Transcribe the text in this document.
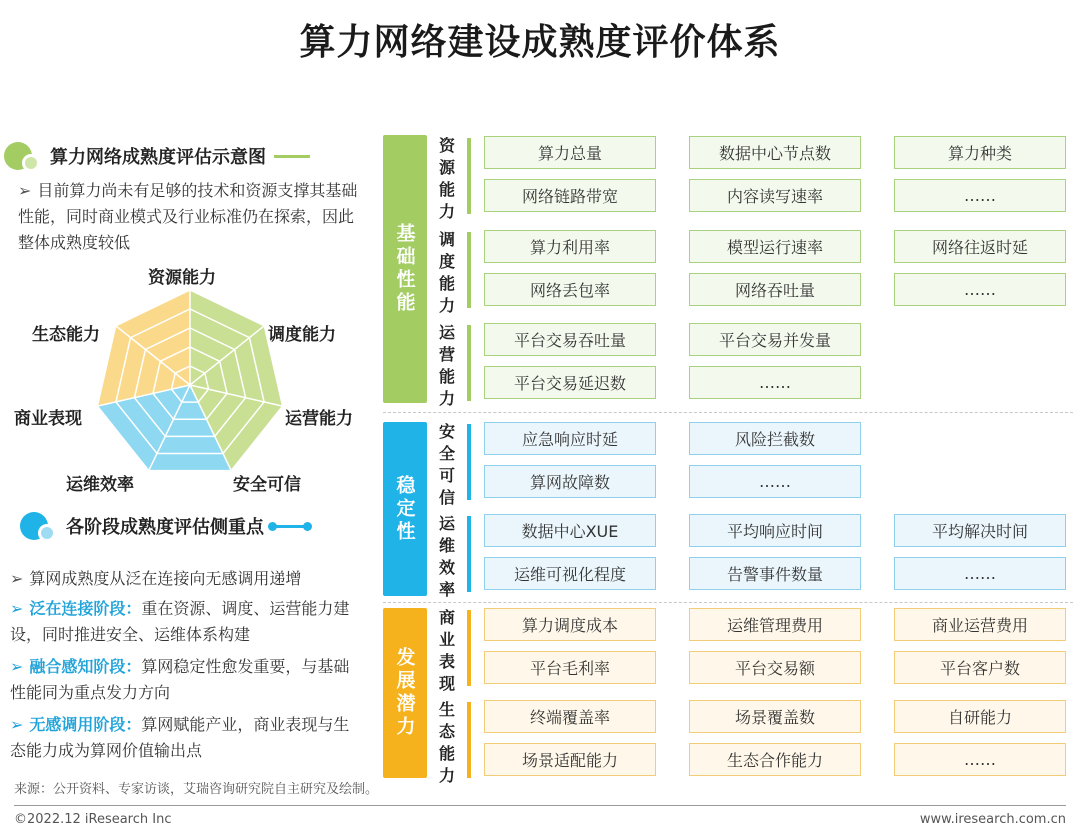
算力网络建设成熟度评价体系
算力网络成熟度评估示意图
➢ 目前算力尚未有足够的技术和资源支撑其基础性能，同时商业模式及行业标准仍在探索，因此整体成熟度较低
资源能力
调度能力
运营能力
安全可信
运维效率
商业表现
生态能力
各阶段成熟度评估侧重点
➢ 算网成熟度从泛在连接向无感调用递增
➢ 泛在连接阶段：重在资源、调度、运营能力建设，同时推进安全、运维体系构建
➢ 融合感知阶段：算网稳定性愈发重要，与基础性能同为重点发力方向
➢ 无感调用阶段：算网赋能产业，商业表现与生态能力成为算网价值输出点
基础性能
稳定性
发展潜力
资源能力
算力总量	数据中心节点数	算力种类
网络链路带宽	内容读写速率	……
调度能力
算力利用率	模型运行速率	网络往返时延
网络丢包率	网络吞吐量	……
运营能力
平台交易吞吐量	平台交易并发量
平台交易延迟数	……
安全可信
应急响应时延	风险拦截数
算网故障数	……
运维效率
数据中心XUE	平均响应时间	平均解决时间
运维可视化程度	告警事件数量	……
商业表现
算力调度成本	运维管理费用	商业运营费用
平台毛利率	平台交易额	平台客户数
生态能力
终端覆盖率	场景覆盖数	自研能力
场景适配能力	生态合作能力	……
来源：公开资料、专家访谈，艾瑞咨询研究院自主研究及绘制。
©2022.12 iResearch Inc	www.iresearch.com.cn
